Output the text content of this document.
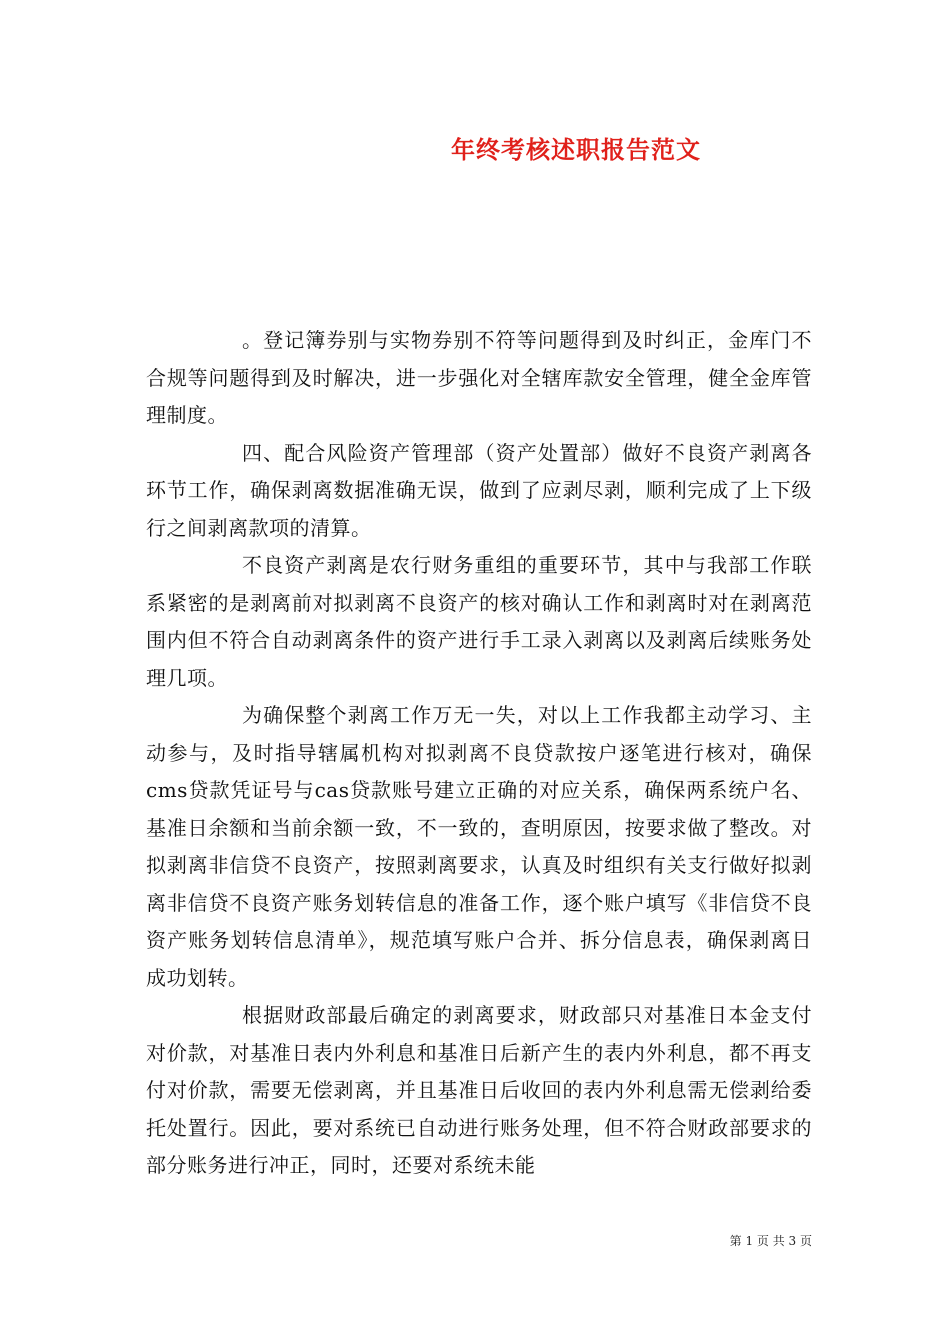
年终考核述职报告范文

。登记簿券别与实物券别不符等问题得到及时纠正，金库门不合规等问题得到及时解决，进一步强化对全辖库款安全管理，健全金库管理制度。

四、配合风险资产管理部（资产处置部）做好不良资产剥离各环节工作，确保剥离数据准确无误，做到了应剥尽剥，顺利完成了上下级行之间剥离款项的清算。

不良资产剥离是农行财务重组的重要环节，其中与我部工作联系紧密的是剥离前对拟剥离不良资产的核对确认工作和剥离时对在剥离范围内但不符合自动剥离条件的资产进行手工录入剥离以及剥离后续账务处理几项。

为确保整个剥离工作万无一失，对以上工作我都主动学习、主动参与，及时指导辖属机构对拟剥离不良贷款按户逐笔进行核对，确保cms贷款凭证号与cas贷款账号建立正确的对应关系，确保两系统户名、基准日余额和当前余额一致，不一致的，查明原因，按要求做了整改。对拟剥离非信贷不良资产，按照剥离要求，认真及时组织有关支行做好拟剥离非信贷不良资产账务划转信息的准备工作，逐个账户填写《非信贷不良资产账务划转信息清单》，规范填写账户合并、拆分信息表，确保剥离日成功划转。

根据财政部最后确定的剥离要求，财政部只对基准日本金支付对价款，对基准日表内外利息和基准日后新产生的表内外利息，都不再支付对价款，需要无偿剥离，并且基准日后收回的表内外利息需无偿剥给委托处置行。因此，要对系统已自动进行账务处理，但不符合财政部要求的部分账务进行冲正，同时，还要对系统未能

第 1 页 共 3 页
